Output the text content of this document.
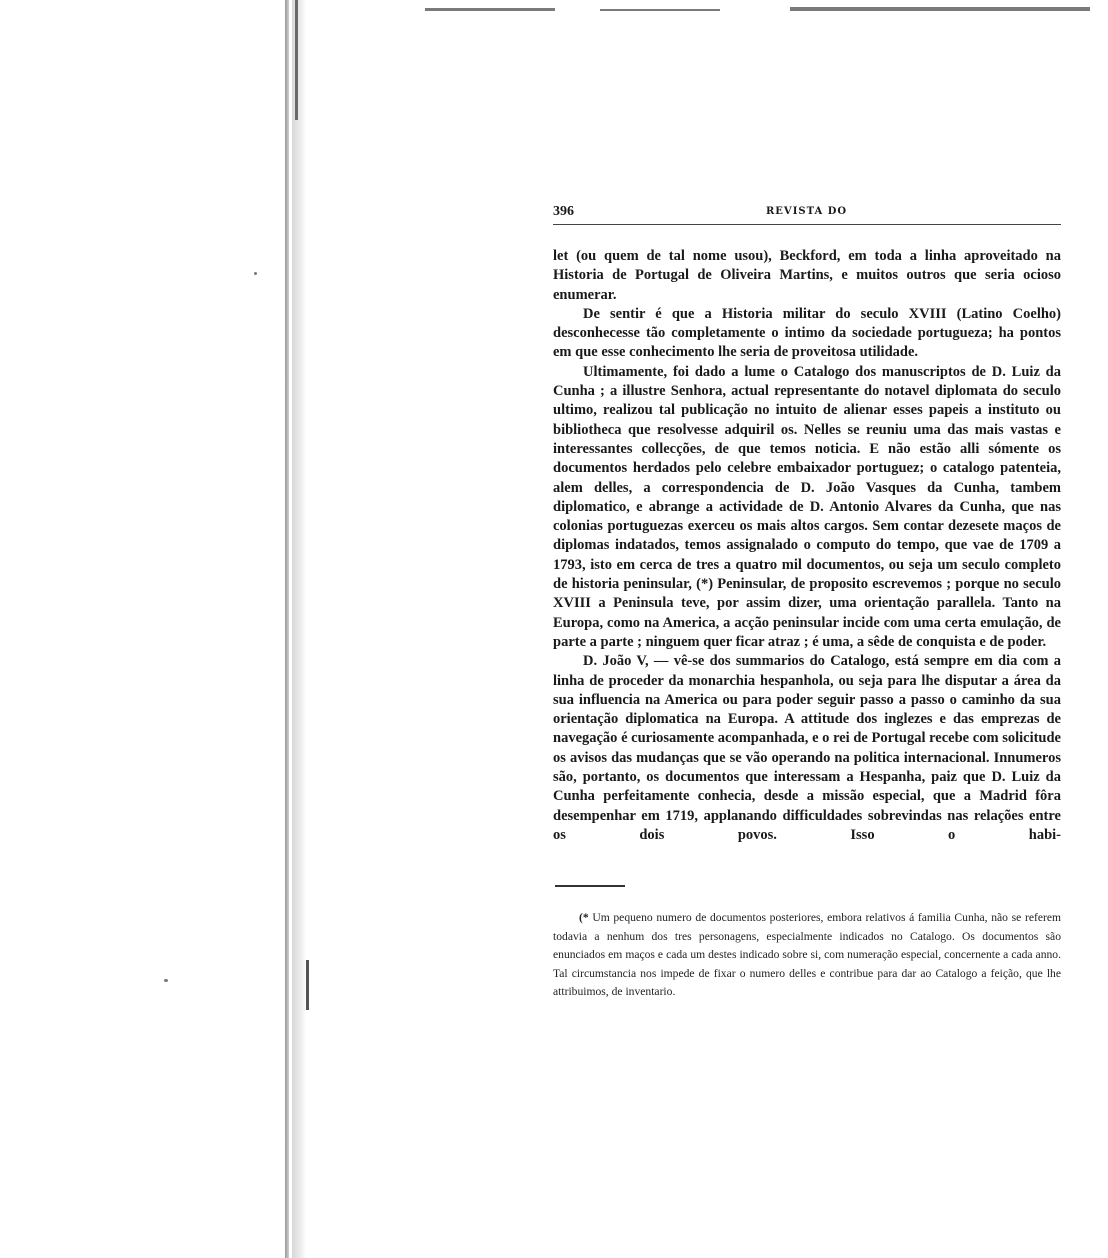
396	REVISTA DO

let (ou quem de tal nome usou), Beckford, em toda a linha aproveitado na Historia de Portugal de Oliveira Martins, e muitos outros que seria ocioso enumerar.

De sentir é que a Historia militar do seculo XVIII (Latino Coelho) desconhecesse tão completamente o intimo da sociedade portugueza; ha pontos em que esse conhecimento lhe seria de proveitosa utilidade.

Ultimamente, foi dado a lume o Catalogo dos manuscriptos de D. Luiz da Cunha ; a illustre Senhora, actual representante do notavel diplomata do seculo ultimo, realizou tal publicação no intuito de alienar esses papeis a instituto ou bibliotheca que resolvesse adquiril os. Nelles se reuniu uma das mais vastas e interessantes collecções, de que temos noticia. E não estão alli sómente os documentos herdados pelo celebre embaixador portuguez; o catalogo patenteia, alem delles, a correspondencia de D. João Vasques da Cunha, tambem diplomatico, e abrange a actividade de D. Antonio Alvares da Cunha, que nas colonias portuguezas exerceu os mais altos cargos. Sem contar dezesete maços de diplomas indatados, temos assignalado o computo do tempo, que vae de 1709 a 1793, isto em cerca de tres a quatro mil documentos, ou seja um seculo completo de historia peninsular, (*) Peninsular, de proposito escrevemos ; porque no seculo XVIII a Peninsula teve, por assim dizer, uma orientação parallela. Tanto na Europa, como na America, a acção peninsular incide com uma certa emulação, de parte a parte ; ninguem quer ficar atraz ; é uma, a sêde de conquista e de poder.

D. João V, — vê-se dos summarios do Catalogo, está sempre em dia com a linha de proceder da monarchia hespanhola, ou seja para lhe disputar a área da sua influencia na America ou para poder seguir passo a passo o caminho da sua orientação diplomatica na Europa. A attitude dos inglezes e das emprezas de navegação é curiosamente acompanhada, e o rei de Portugal recebe com solicitude os avisos das mudanças que se vão operando na politica internacional. Innumeros são, portanto, os documentos que interessam a Hespanha, paiz que D. Luiz da Cunha perfeitamente conhecia, desde a missão especial, que a Madrid fôra desempenhar em 1719, applanando difficuldades sobrevindas nas relações entre os dois povos. Isso o habi-

(* Um pequeno numero de documentos posteriores, embora relativos á familia Cunha, não se referem todavia a nenhum dos tres personagens, especialmente indicados no Catalogo. Os documentos são enunciados em maços e cada um destes indicado sobre si, com numeração especial, concernente a cada anno. Tal circumstancia nos impede de fixar o numero delles e contribue para dar ao Catalogo a feição, que lhe attribuimos, de inventario.
